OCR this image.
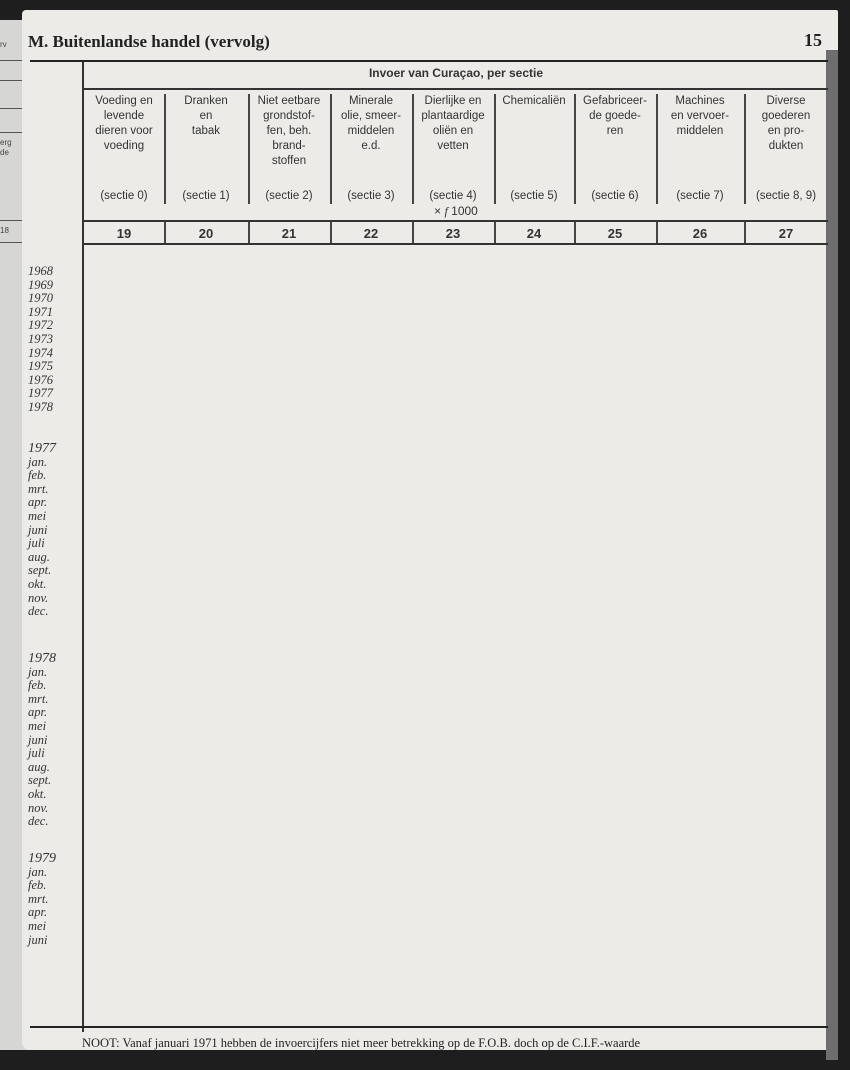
rv
erg
de
18
M. Buitenlandse handel (vervolg)	15
Invoer van Curaçao, per sectie
Voeding en
levende
dieren voor
voeding
(sectie 0)
Dranken
en
tabak
(sectie 1)
Niet eetbare
grondstof-
fen, beh.
brand-
stoffen
(sectie 2)
Minerale
olie, smeer-
middelen
e.d.
(sectie 3)
Dierlijke en
plantaardige
oliën en
vetten
(sectie 4)
Chemicaliën
(sectie 5)
Gefabriceer-
de goede-
ren
(sectie 6)
Machines
en vervoer-
middelen
(sectie 7)
Diverse
goederen
en pro-
dukten
(sectie 8, 9)
× f 1000
19	20	21	22	23	24	25	26	27
1968
1969
1970
1971
1972
1973
1974
1975
1976
1977
1978
1977
jan.
feb.
mrt.
apr.
mei
juni
juli
aug.
sept.
okt.
nov.
dec.
1978
jan.
feb.
mrt.
apr.
mei
juni
juli
aug.
sept.
okt.
nov.
dec.
1979
jan.
feb.
mrt.
apr.
mei
juni
NOOT: Vanaf januari 1971 hebben de invoercijfers niet meer betrekking op de F.O.B. doch op de C.I.F.-waarde
